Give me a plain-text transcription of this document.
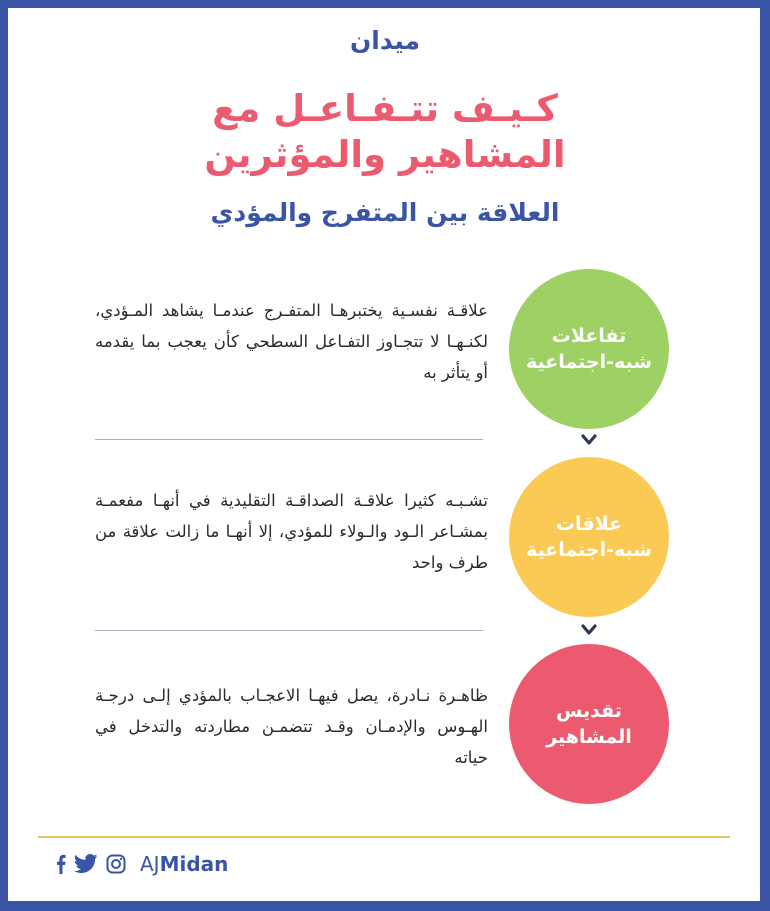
ميدان
كـيـف تتـفـاعـل مع
المشاهير والمؤثرين
العلاقة بين المتفرج والمؤدي
تفاعلات
شبه-اجتماعية
علاقـة نفسـية يختبرهـا المتفـرج عندمـا يشاهد المـؤدي، لكنـهـا لا تتجـاوز التفـاعل السطحي كأن يعجب بما يقدمه أو يتأثر به
علاقات
شبه-اجتماعية
تشـبـه كثيرا علاقـة الصداقـة التقليدية في أنهـا مفعمـة بمشـاعر الـود والـولاء للمؤدي، إلا أنهـا ما زالت علاقة من طرف واحد
تقديس
المشاهير
ظاهـرة نـادرة، يصل فيهـا الاعجـاب بالمؤدي إلـى درجـة الهـوس والإدمـان وقـد تتضمـن مطاردته والتدخل في حياته
AJMidan
